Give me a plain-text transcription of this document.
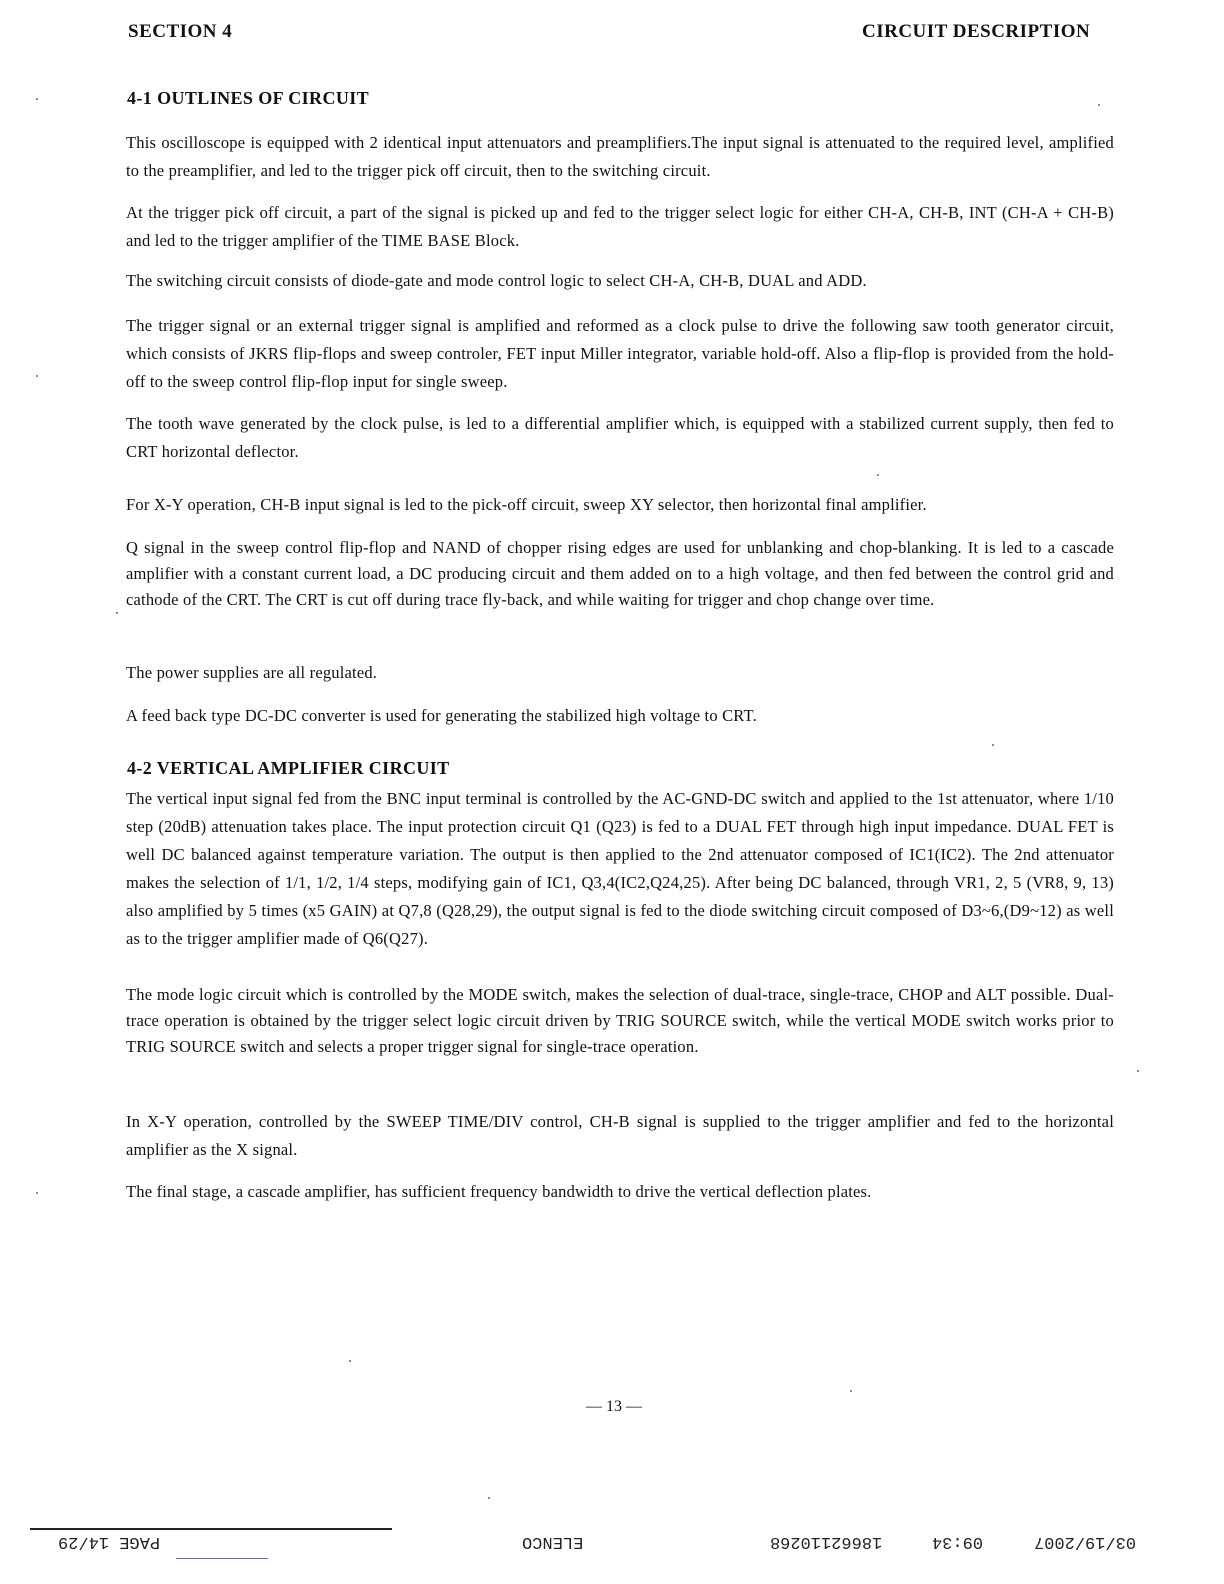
SECTION 4	CIRCUIT DESCRIPTION
4-1 OUTLINES OF CIRCUIT
This oscilloscope is equipped with 2 identical input attenuators and preamplifiers.The input signal is attenuated to the required level, amplified to the preamplifier, and led to the trigger pick off circuit, then to the switching circuit.
At the trigger pick off circuit, a part of the signal is picked up and fed to the trigger select logic for either CH-A, CH-B, INT (CH-A + CH-B) and led to the trigger amplifier of the TIME BASE Block.
The switching circuit consists of diode-gate and mode control logic to select CH-A, CH-B, DUAL and ADD.
The trigger signal or an external trigger signal is amplified and reformed as a clock pulse to drive the following saw tooth generator circuit, which consists of JKRS flip-flops and sweep controler, FET input Miller integrator, variable hold-off. Also a flip-flop is provided from the hold-off to the sweep control flip-flop input for single sweep.
The tooth wave generated by the clock pulse, is led to a differential amplifier which, is equipped with a stabilized current supply, then fed to CRT horizontal deflector.
For X-Y operation, CH-B input signal is led to the pick-off circuit, sweep XY selector, then horizontal final amplifier.
Q signal in the sweep control flip-flop and NAND of chopper rising edges are used for unblanking and chop-blanking. It is led to a cascade amplifier with a constant current load, a DC producing circuit and them added on to a high voltage, and then fed between the control grid and cathode of the CRT. The CRT is cut off during trace fly-back, and while waiting for trigger and chop change over time.
The power supplies are all regulated.
A feed back type DC-DC converter is used for generating the stabilized high voltage to CRT.
4-2 VERTICAL AMPLIFIER CIRCUIT
The vertical input signal fed from the BNC input terminal is controlled by the AC-GND-DC switch and applied to the 1st attenuator, where 1/10 step (20dB) attenuation takes place. The input protection circuit Q1 (Q23) is fed to a DUAL FET through high input impedance. DUAL FET is well DC balanced against temperature variation. The output is then applied to the 2nd attenuator composed of IC1(IC2). The 2nd attenuator makes the selection of 1/1, 1/2, 1/4 steps, modifying gain of IC1, Q3,4(IC2,Q24,25). After being DC balanced, through VR1, 2, 5 (VR8, 9, 13) also amplified by 5 times (x5 GAIN) at Q7,8 (Q28,29), the output signal is fed to the diode switching circuit composed of D3~6,(D9~12) as well as to the trigger amplifier made of Q6(Q27).
The mode logic circuit which is controlled by the MODE switch, makes the selection of dual-trace, single-trace, CHOP and ALT possible. Dual-trace operation is obtained by the trigger select logic circuit driven by TRIG SOURCE switch, while the vertical MODE switch works prior to TRIG SOURCE switch and selects a proper trigger signal for single-trace operation.
In X-Y operation, controlled by the SWEEP TIME/DIV control, CH-B signal is supplied to the trigger amplifier and fed to the horizontal amplifier as the X signal.
The final stage, a cascade amplifier, has sufficient frequency bandwidth to drive the vertical deflection plates.
— 13 —
PAGE 14/29	ELENCO	18662110268	09:34	03/19/2007
